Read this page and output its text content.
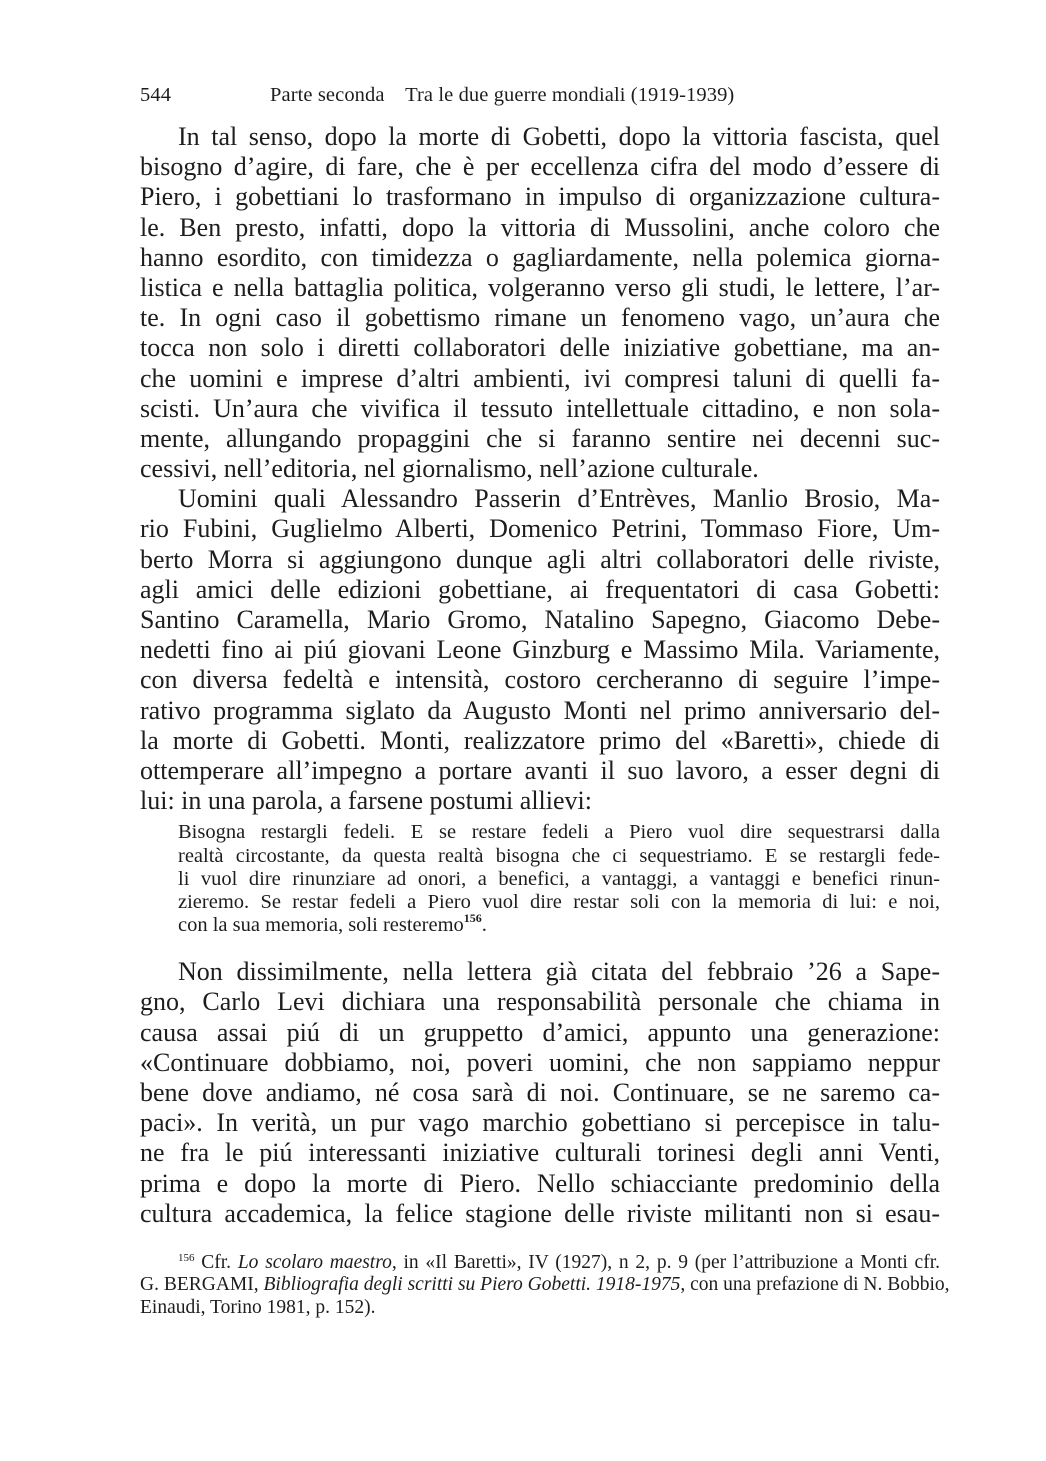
544	Parte seconda    Tra le due guerre mondiali (1919-1939)
In tal senso, dopo la morte di Gobetti, dopo la vittoria fascista, quel
bisogno d’agire, di fare, che è per eccellenza cifra del modo d’essere di
Piero, i gobettiani lo trasformano in impulso di organizzazione cultura-
le. Ben presto, infatti, dopo la vittoria di Mussolini, anche coloro che
hanno esordito, con timidezza o gagliardamente, nella polemica giorna-
listica e nella battaglia politica, volgeranno verso gli studi, le lettere, l’ar-
te. In ogni caso il gobettismo rimane un fenomeno vago, un’aura che
tocca non solo i diretti collaboratori delle iniziative gobettiane, ma an-
che uomini e imprese d’altri ambienti, ivi compresi taluni di quelli fa-
scisti. Un’aura che vivifica il tessuto intellettuale cittadino, e non sola-
mente, allungando propaggini che si faranno sentire nei decenni suc-
cessivi, nell’editoria, nel giornalismo, nell’azione culturale.
Uomini quali Alessandro Passerin d’Entrèves, Manlio Brosio, Ma-
rio Fubini, Guglielmo Alberti, Domenico Petrini, Tommaso Fiore, Um-
berto Morra si aggiungono dunque agli altri collaboratori delle riviste,
agli amici delle edizioni gobettiane, ai frequentatori di casa Gobetti:
Santino Caramella, Mario Gromo, Natalino Sapegno, Giacomo Debe-
nedetti fino ai piú giovani Leone Ginzburg e Massimo Mila. Variamente,
con diversa fedeltà e intensità, costoro cercheranno di seguire l’impe-
rativo programma siglato da Augusto Monti nel primo anniversario del-
la morte di Gobetti. Monti, realizzatore primo del «Baretti», chiede di
ottemperare all’impegno a portare avanti il suo lavoro, a esser degni di
lui: in una parola, a farsene postumi allievi:
Bisogna restargli fedeli. E se restare fedeli a Piero vuol dire sequestrarsi dalla
realtà circostante, da questa realtà bisogna che ci sequestriamo. E se restargli fede-
li vuol dire rinunziare ad onori, a benefici, a vantaggi, a vantaggi e benefici rinun-
zieremo. Se restar fedeli a Piero vuol dire restar soli con la memoria di lui: e noi,
con la sua memoria, soli resteremo$^{156}$.
Non dissimilmente, nella lettera già citata del febbraio ’26 a Sape-
gno, Carlo Levi dichiara una responsabilità personale che chiama in
causa assai piú di un gruppetto d’amici, appunto una generazione:
«Continuare dobbiamo, noi, poveri uomini, che non sappiamo neppur
bene dove andiamo, né cosa sarà di noi. Continuare, se ne saremo ca-
paci». In verità, un pur vago marchio gobettiano si percepisce in talu-
ne fra le piú interessanti iniziative culturali torinesi degli anni Venti,
prima e dopo la morte di Piero. Nello schiacciante predominio della
cultura accademica, la felice stagione delle riviste militanti non si esau-
$^{156}$ Cfr. Lo scolaro maestro, in «Il Baretti», IV (1927), n 2, p. 9 (per l’attribuzione a Monti cfr.
G. BERGAMI, Bibliografia degli scritti su Piero Gobetti. 1918-1975, con una prefazione di N. Bobbio,
Einaudi, Torino 1981, p. 152).
